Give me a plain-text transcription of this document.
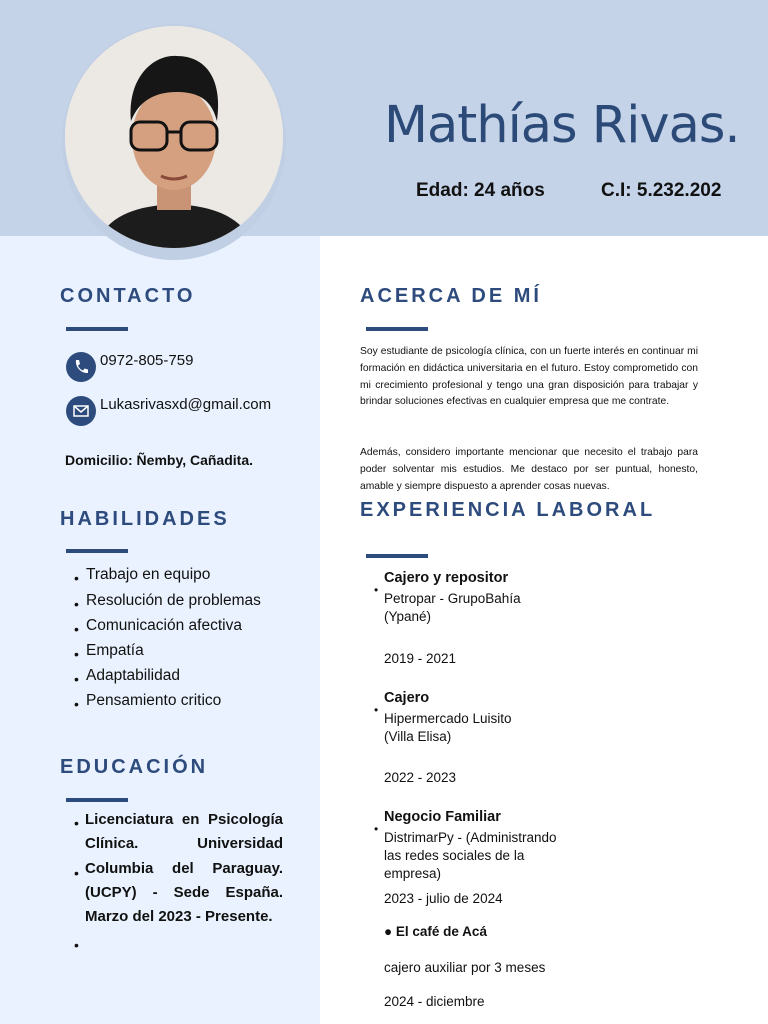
Mathías Rivas.
Edad: 24 años	C.I: 5.232.202
CONTACTO
0972-805-759
Lukasrivasxd@gmail.com
Domicilio: Ñemby, Cañadita.
HABILIDADES
• Trabajo en equipo
• Resolución de problemas
• Comunicación afectiva
• Empatía
• Adaptabilidad
• Pensamiento critico
EDUCACIÓN
•
•
•

Licenciatura en Psicología Clínica. Universidad Columbia del Paraguay. (UCPY) - Sede España. Marzo del 2023 - Presente.

ACERCA DE MÍ

Soy estudiante de psicología clínica, con un fuerte interés en continuar mi formación en didáctica universitaria en el futuro. Estoy comprometido con mi crecimiento profesional y tengo una gran disposición para trabajar y brindar soluciones efectivas en cualquier empresa que me contrate.

Además, considero importante mencionar que necesito el trabajo para poder solventar mis estudios. Me destaco por ser puntual, honesto, amable y siempre dispuesto a aprender cosas nuevas.

EXPERIENCIA LABORAL
•
Cajero y repositor
Petropar - GrupoBahía
(Ypané)
2019 - 2021
•
Cajero
Hipermercado Luisito
(Villa Elisa)
2022 - 2023
•
Negocio Familiar
DistrimarPy - (Administrando
las redes sociales de la
empresa)
2023 - julio de 2024
● El café de Acá
cajero auxiliar por 3 meses
2024 - diciembre
